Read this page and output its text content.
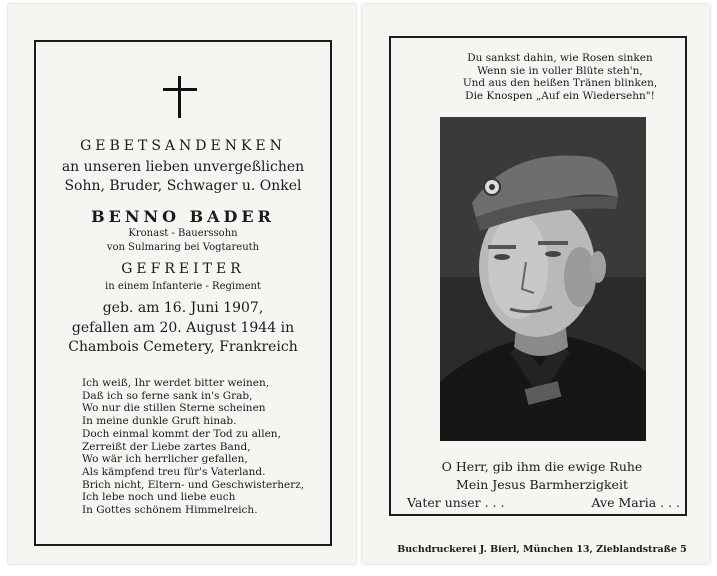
GEBETSANDENKEN
an unseren lieben unvergeßlichen
Sohn, Bruder, Schwager u. Onkel
BENNO BADER
Kronast - Bauerssohn
von Sulmaring bei Vogtareuth
GEFREITER
in einem Infanterie - Regiment
geb. am 16. Juni 1907,
gefallen am 20. August 1944 in
Chambois Cemetery, Frankreich
Ich weiß, Ihr werdet bitter weinen,
Daß ich so ferne sank in's Grab,
Wo nur die stillen Sterne scheinen
In meine dunkle Gruft hinab.
Doch einmal kommt der Tod zu allen,
Zerreißt der Liebe zartes Band,
Wo wär ich herrlicher gefallen,
Als kämpfend treu für's Vaterland.
Brich nicht, Eltern- und Geschwisterherz,
Ich lebe noch und liebe euch
In Gottes schönem Himmelreich.
Du sankst dahin, wie Rosen sinken
Wenn sie in voller Blüte steh'n,
Und aus den heißen Tränen blinken,
Die Knospen „Auf ein Wiedersehn"!
O Herr, gib ihm die ewige Ruhe
Mein Jesus Barmherzigkeit
Vater unser . . .	Ave Maria . . .
Buchdruckerei J. Bierl, München 13, Zieblandstraße 5
